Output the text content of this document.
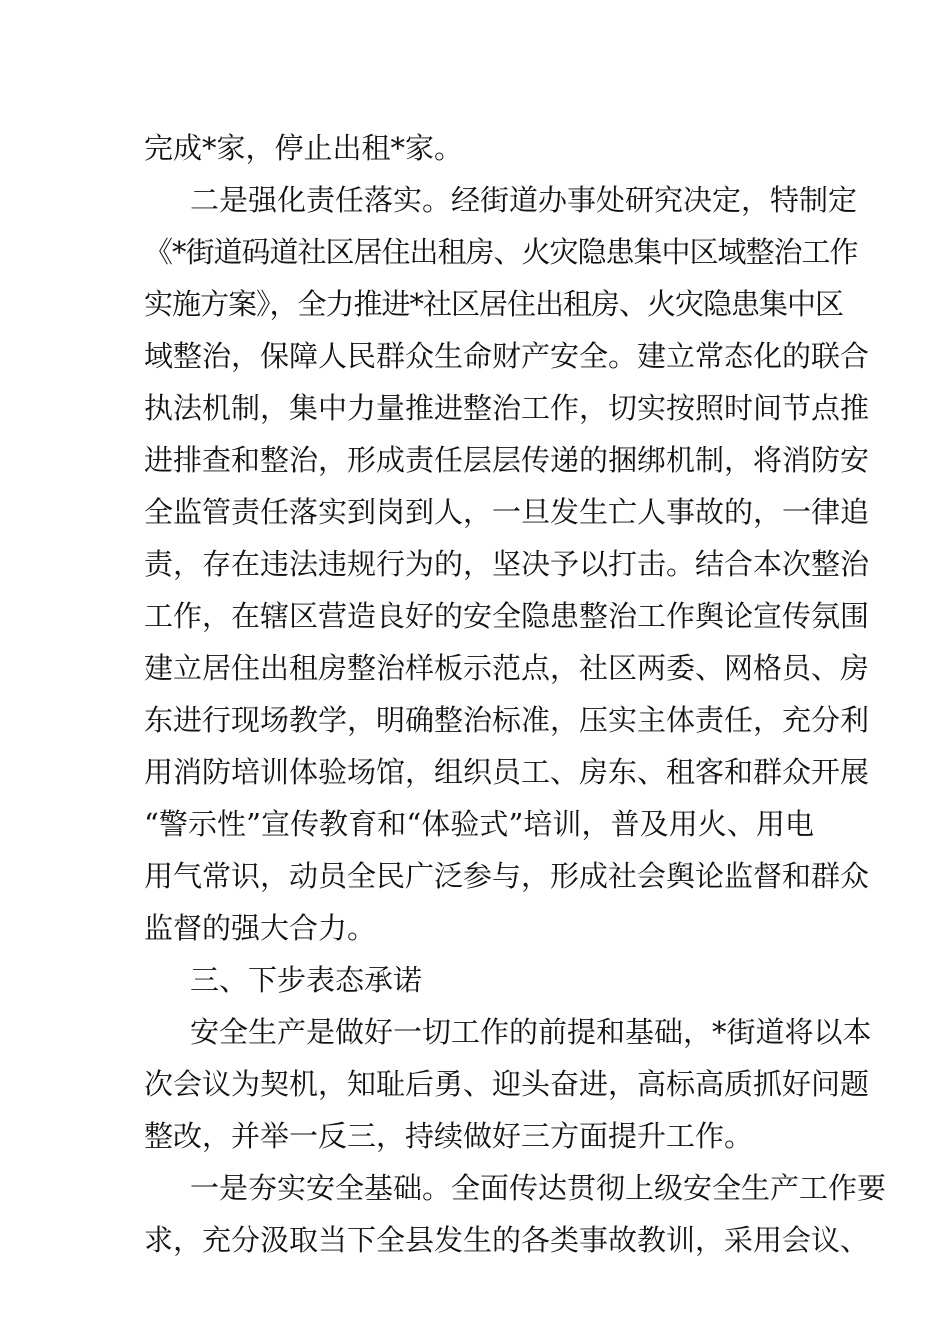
完成*家，停止出租*家。
二是强化责任落实。经街道办事处研究决定，特制定
《*街道码道社区居住出租房、火灾隐患集中区域整治工作
实施方案》，全力推进*社区居住出租房、火灾隐患集中区
域整治，保障人民群众生命财产安全。建立常态化的联合
执法机制，集中力量推进整治工作，切实按照时间节点推
进排查和整治，形成责任层层传递的捆绑机制，将消防安
全监管责任落实到岗到人，一旦发生亡人事故的，一律追
责，存在违法违规行为的，坚决予以打击。结合本次整治
工作，在辖区营造良好的安全隐患整治工作舆论宣传氛围
建立居住出租房整治样板示范点，社区两委、网格员、房
东进行现场教学，明确整治标准，压实主体责任，充分利
用消防培训体验场馆，组织员工、房东、租客和群众开展
“警示性”宣传教育和“体验式”培训，普及用火、用电
用气常识，动员全民广泛参与，形成社会舆论监督和群众
监督的强大合力。
三、下步表态承诺
安全生产是做好一切工作的前提和基础，*街道将以本
次会议为契机，知耻后勇、迎头奋进，高标高质抓好问题
整改，并举一反三，持续做好三方面提升工作。
一是夯实安全基础。全面传达贯彻上级安全生产工作要
求，充分汲取当下全县发生的各类事故教训，采用会议、
